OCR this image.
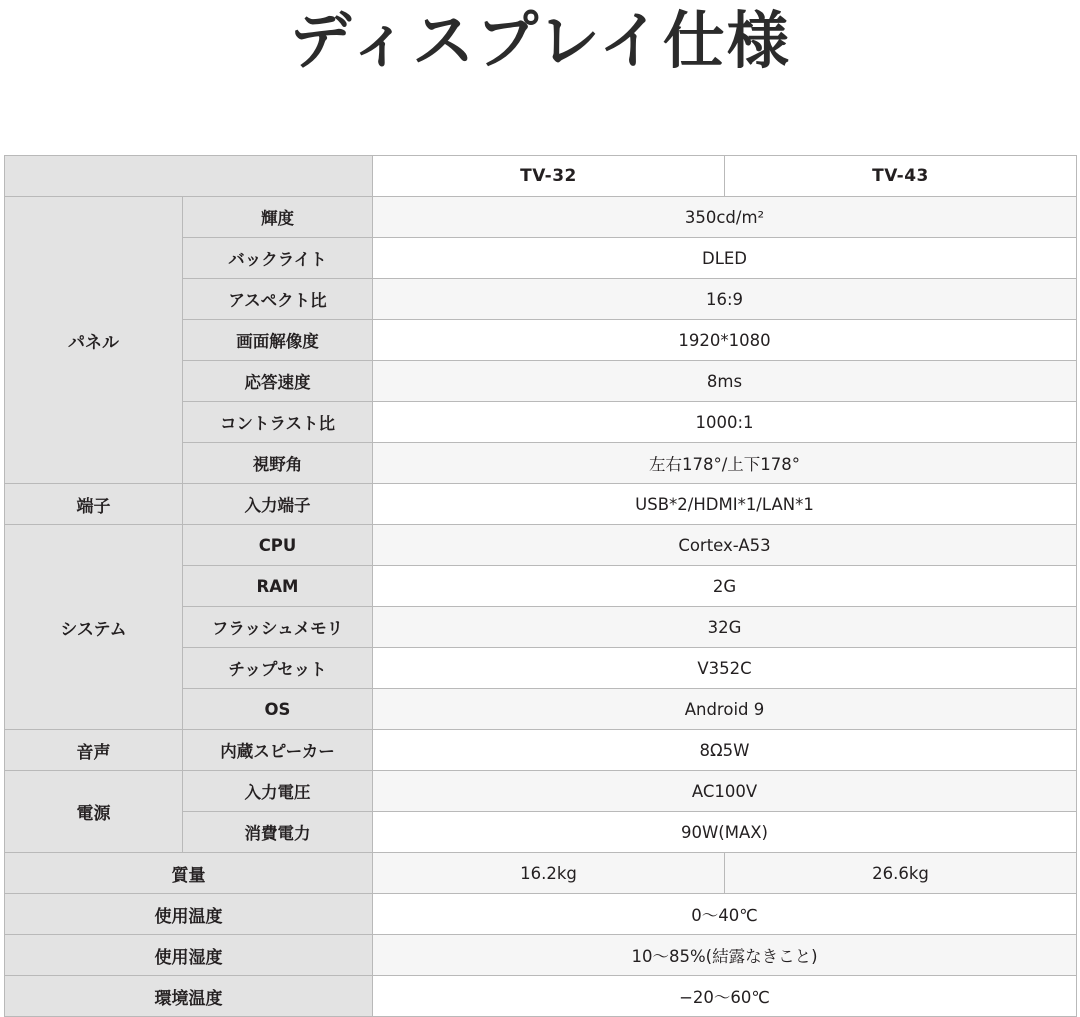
ディスプレイ仕様
		TV-32	TV-43
パネル	輝度	350cd/m²	
	バックライト	DLED	
	アスペクト比	16:9	
	画面解像度	1920*1080	
	応答速度	8ms	
	コントラスト比	1000:1	
	視野角	左右178°/上下178°	
端子	入力端子	USB*2/HDMI*1/LAN*1	
システム	CPU	Cortex-A53	
	RAM	2G	
	フラッシュメモリ	32G	
	チップセット	V352C	
	OS	Android 9	
音声	内蔵スピーカー	8Ω5W	
電源	入力電圧	AC100V	
	消費電力	90W(MAX)	
質量		16.2kg	26.6kg
使用温度		0〜40℃	
使用湿度		10〜85%(結露なきこと)	
環境温度		−20〜60℃	
